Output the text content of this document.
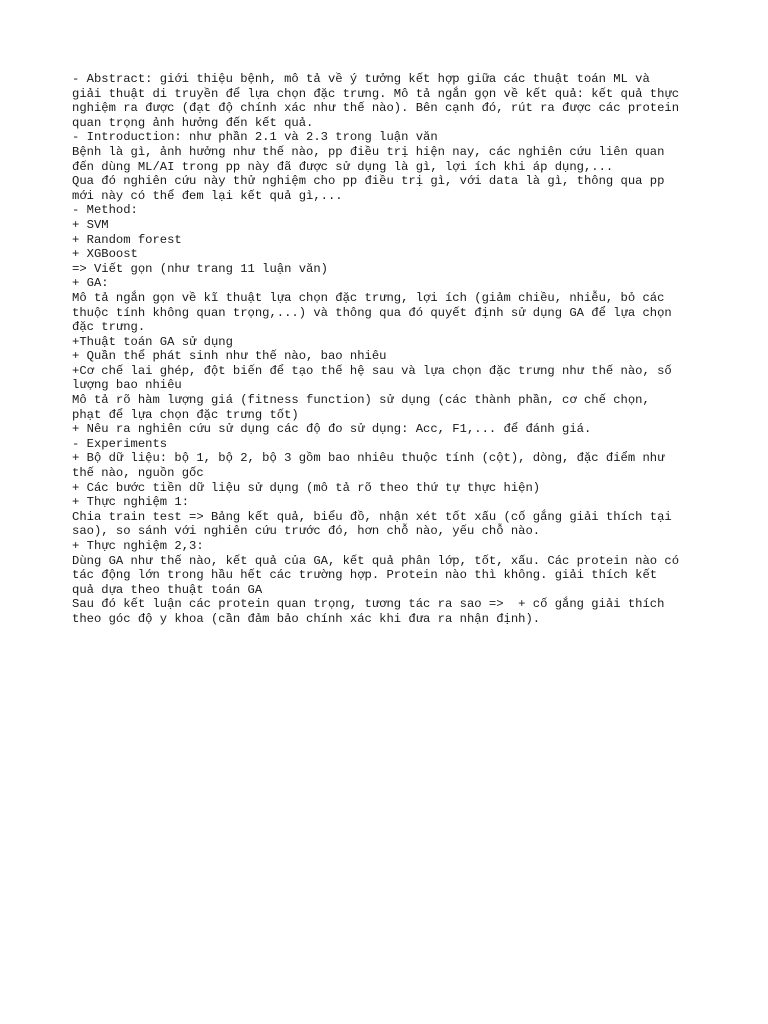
- Abstract: giới thiệu bệnh, mô tả về ý tưởng kết hợp giữa các thuật toán ML và

giải thuật di truyền để lựa chọn đặc trưng. Mô tả ngắn gọn về kết quả: kết quả thực

nghiệm ra được (đạt độ chính xác như thế nào). Bên cạnh đó, rút ra được các protein

quan trọng ảnh hưởng đến kết quả.

- Introduction: như phần 2.1 và 2.3 trong luận văn

Bệnh là gì, ảnh hưởng như thế nào, pp điều trị hiện nay, các nghiên cứu liên quan

đến dùng ML/AI trong pp này đã được sử dụng là gì, lợi ích khi áp dụng,...

Qua đó nghiên cứu này thử nghiệm cho pp điều trị gì, với data là gì, thông qua pp

mới này có thể đem lại kết quả gì,...

- Method:

+ SVM

+ Random forest

+ XGBoost

=> Viết gọn (như trang 11 luận văn)

+ GA:

Mô tả ngắn gọn về kĩ thuật lựa chọn đặc trưng, lợi ích (giảm chiều, nhiễu, bỏ các

thuộc tính không quan trọng,...) và thông qua đó quyết định sử dụng GA để lựa chọn

đặc trưng.

+Thuật toán GA sử dụng

+ Quần thể phát sinh như thế nào, bao nhiêu

+Cơ chế lai ghép, đột biến để tạo thế hệ sau và lựa chọn đặc trưng như thế nào, số

lượng bao nhiêu

Mô tả rõ hàm lượng giá (fitness function) sử dụng (các thành phần, cơ chế chọn,

phạt để lựa chọn đặc trưng tốt)

+ Nêu ra nghiên cứu sử dụng các độ đo sử dụng: Acc, F1,... để đánh giá.

- Experiments

+ Bộ dữ liệu: bộ 1, bộ 2, bộ 3 gồm bao nhiêu thuộc tính (cột), dòng, đặc điểm như

thế nào, nguồn gốc

+ Các bước tiền dữ liệu sử dụng (mô tả rõ theo thứ tự thực hiện)

+ Thực nghiệm 1:

Chia train test => Bảng kết quả, biểu đồ, nhận xét tốt xấu (cố gắng giải thích tại

sao), so sánh với nghiên cứu trước đó, hơn chỗ nào, yếu chỗ nào.

+ Thực nghiệm 2,3:

Dùng GA như thế nào, kết quả của GA, kết quả phân lớp, tốt, xấu. Các protein nào có

tác động lớn trong hầu hết các trường hợp. Protein nào thì không. giải thích kết

quả dựa theo thuật toán GA

Sau đó kết luận các protein quan trọng, tương tác ra sao =>  + cố gắng giải thích

theo góc độ y khoa (cần đảm bảo chính xác khi đưa ra nhận định).
